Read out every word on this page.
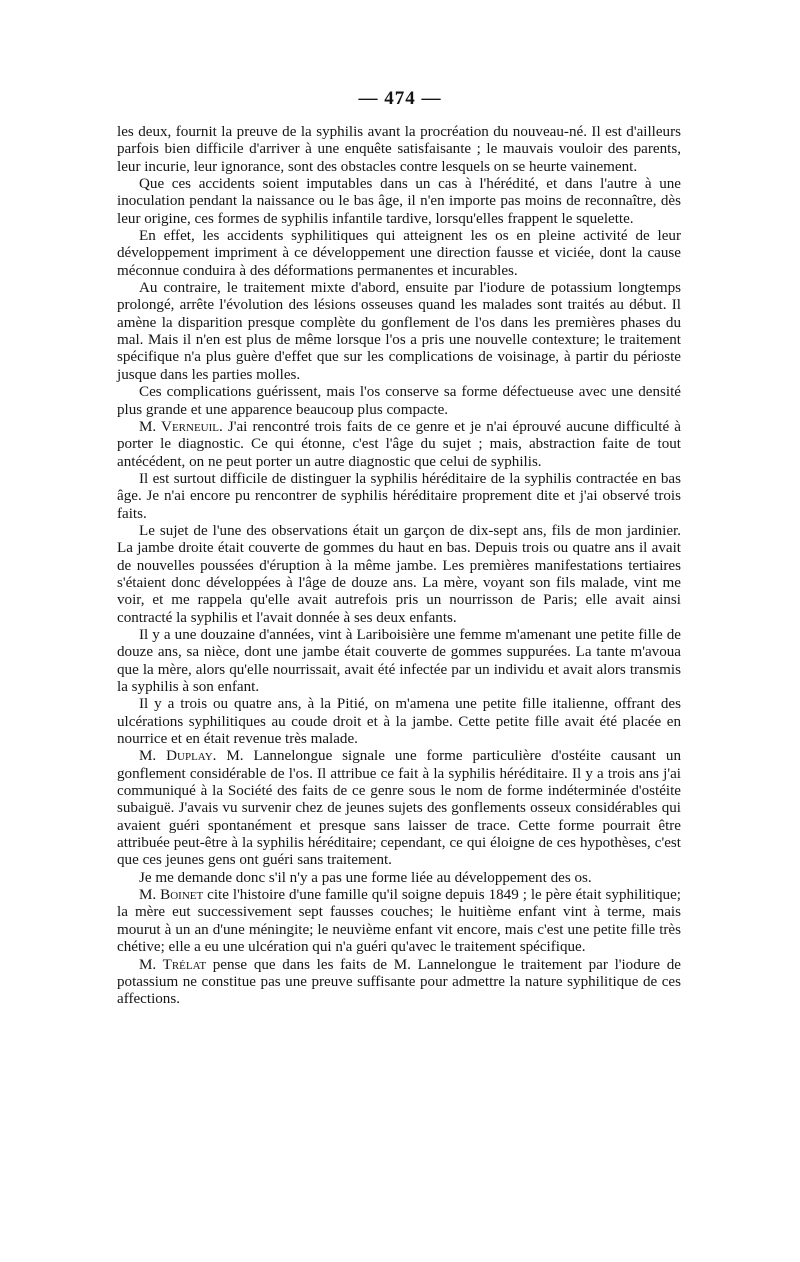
— 474 —

les deux, fournit la preuve de la syphilis avant la procréation du nouveau-né. Il est d'ailleurs parfois bien difficile d'arriver à une enquête satisfaisante ; le mauvais vouloir des parents, leur incurie, leur ignorance, sont des obstacles contre lesquels on se heurte vainement.

Que ces accidents soient imputables dans un cas à l'hérédité, et dans l'autre à une inoculation pendant la naissance ou le bas âge, il n'en importe pas moins de reconnaître, dès leur origine, ces formes de syphilis infantile tardive, lorsqu'elles frappent le squelette.

En effet, les accidents syphilitiques qui atteignent les os en pleine activité de leur développement impriment à ce développement une direction fausse et viciée, dont la cause méconnue conduira à des déformations permanentes et incurables.

Au contraire, le traitement mixte d'abord, ensuite par l'iodure de potassium longtemps prolongé, arrête l'évolution des lésions osseuses quand les malades sont traités au début. Il amène la disparition presque complète du gonflement de l'os dans les premières phases du mal. Mais il n'en est plus de même lorsque l'os a pris une nouvelle contexture; le traitement spécifique n'a plus guère d'effet que sur les complications de voisinage, à partir du périoste jusque dans les parties molles.

Ces complications guérissent, mais l'os conserve sa forme défectueuse avec une densité plus grande et une apparence beaucoup plus compacte.

M. Verneuil. J'ai rencontré trois faits de ce genre et je n'ai éprouvé aucune difficulté à porter le diagnostic. Ce qui étonne, c'est l'âge du sujet ; mais, abstraction faite de tout antécédent, on ne peut porter un autre diagnostic que celui de syphilis.

Il est surtout difficile de distinguer la syphilis héréditaire de la syphilis contractée en bas âge. Je n'ai encore pu rencontrer de syphilis héréditaire proprement dite et j'ai observé trois faits.

Le sujet de l'une des observations était un garçon de dix-sept ans, fils de mon jardinier. La jambe droite était couverte de gommes du haut en bas. Depuis trois ou quatre ans il avait de nouvelles poussées d'éruption à la même jambe. Les premières manifestations tertiaires s'étaient donc développées à l'âge de douze ans. La mère, voyant son fils malade, vint me voir, et me rappela qu'elle avait autrefois pris un nourrisson de Paris; elle avait ainsi contracté la syphilis et l'avait donnée à ses deux enfants.

Il y a une douzaine d'années, vint à Lariboisière une femme m'amenant une petite fille de douze ans, sa nièce, dont une jambe était couverte de gommes suppurées. La tante m'avoua que la mère, alors qu'elle nourrissait, avait été infectée par un individu et avait alors transmis la syphilis à son enfant.

Il y a trois ou quatre ans, à la Pitié, on m'amena une petite fille italienne, offrant des ulcérations syphilitiques au coude droit et à la jambe. Cette petite fille avait été placée en nourrice et en était revenue très malade.

M. Duplay. M. Lannelongue signale une forme particulière d'ostéite causant un gonflement considérable de l'os. Il attribue ce fait à la syphilis héréditaire. Il y a trois ans j'ai communiqué à la Société des faits de ce genre sous le nom de forme indéterminée d'ostéite subaiguë. J'avais vu survenir chez de jeunes sujets des gonflements osseux considérables qui avaient guéri spontanément et presque sans laisser de trace. Cette forme pourrait être attribuée peut-être à la syphilis héréditaire; cependant, ce qui éloigne de ces hypothèses, c'est que ces jeunes gens ont guéri sans traitement.

Je me demande donc s'il n'y a pas une forme liée au développement des os.

M. Boinet cite l'histoire d'une famille qu'il soigne depuis 1849 ; le père était syphilitique; la mère eut successivement sept fausses couches; le huitième enfant vint à terme, mais mourut à un an d'une méningite; le neuvième enfant vit encore, mais c'est une petite fille très chétive; elle a eu une ulcération qui n'a guéri qu'avec le traitement spécifique.

M. Trélat pense que dans les faits de M. Lannelongue le traitement par l'iodure de potassium ne constitue pas une preuve suffisante pour admettre la nature syphilitique de ces affections.
